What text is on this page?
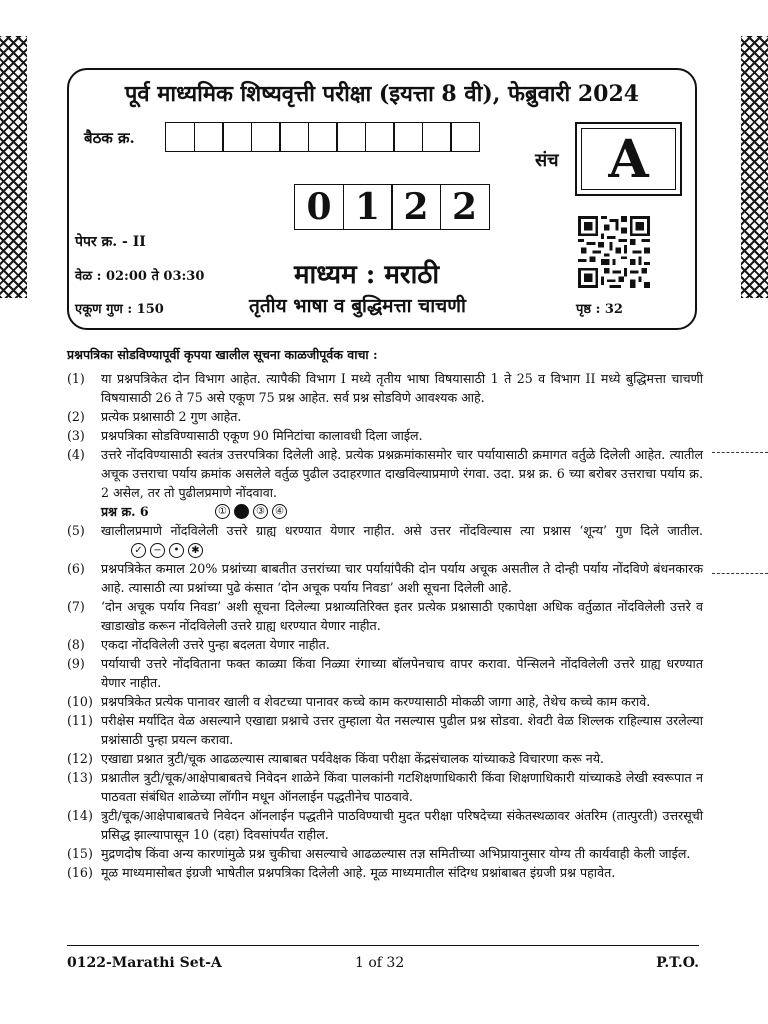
पूर्व माध्यमिक शिष्यवृत्ती परीक्षा (इयत्ता 8 वी), फेब्रुवारी 2024
बैठक क्र.
संच A
0 1 2 2
पेपर क्र. - II
वेळ : 02:00 ते 03:30	माध्यम : मराठी
एकूण गुण : 150	तृतीय भाषा व बुद्धिमत्ता चाचणी	पृष्ठ : 32
प्रश्नपत्रिका सोडविण्यापूर्वी कृपया खालील सूचना काळजीपूर्वक वाचा :
(1)	या प्रश्नपत्रिकेत दोन विभाग आहेत. त्यापैकी विभाग I मध्ये तृतीय भाषा विषयासाठी 1 ते 25 व विभाग II मध्ये बुद्धिमत्ता चाचणी विषयासाठी 26 ते 75 असे एकूण 75 प्रश्न आहेत. सर्व प्रश्न सोडविणे आवश्यक आहे.
(2)	प्रत्येक प्रश्नासाठी 2 गुण आहेत.
(3)	प्रश्नपत्रिका सोडविण्यासाठी एकूण 90 मिनिटांचा कालावधी दिला जाईल.
(4)	उत्तरे नोंदविण्यासाठी स्वतंत्र उत्तरपत्रिका दिलेली आहे. प्रत्येक प्रश्नक्रमांकासमोर चार पर्यायासाठी क्रमागत वर्तुळे दिलेली आहेत. त्यातील अचूक उत्तराचा पर्याय क्रमांक असलेले वर्तुळ पुढील उदाहरणात दाखविल्याप्रमाणे रंगवा. उदा. प्रश्न क्र. 6 च्या बरोबर उत्तराचा पर्याय क्र. 2 असेल, तर तो पुढीलप्रमाणे नोंदवावा.
प्रश्न क्र. 6	①	③	④
(5)	खालीलप्रमाणे नोंदविलेली उत्तरे ग्राह्य धरण्यात येणार नाहीत. असे उत्तर नोंदविल्यास त्या प्रश्नास ‘शून्य’ गुण दिले जातील.
✓	−	•	✱
(6)	प्रश्नपत्रिकेत कमाल 20% प्रश्नांच्या बाबतीत उत्तरांच्या चार पर्यायांपैकी दोन पर्याय अचूक असतील ते दोन्ही पर्याय नोंदविणे बंधनकारक आहे. त्यासाठी त्या प्रश्नांच्या पुढे कंसात ‘दोन अचूक पर्याय निवडा’ अशी सूचना दिलेली आहे.
(7)	‘दोन अचूक पर्याय निवडा’ अशी सूचना दिलेल्या प्रश्नाव्यतिरिक्त इतर प्रत्येक प्रश्नासाठी एकापेक्षा अधिक वर्तुळात नोंदविलेली उत्तरे व खाडाखोड करून नोंदविलेली उत्तरे ग्राह्य धरण्यात येणार नाहीत.
(8)	एकदा नोंदविलेली उत्तरे पुन्हा बदलता येणार नाहीत.
(9)	पर्यायाची उत्तरे नोंदविताना फक्त काळ्या किंवा निळ्या रंगाच्या बॉलपेनचाच वापर करावा. पेन्सिलने नोंदविलेली उत्तरे ग्राह्य धरण्यात येणार नाहीत.
(10) प्रश्नपत्रिकेत प्रत्येक पानावर खाली व शेवटच्या पानावर कच्चे काम करण्यासाठी मोकळी जागा आहे, तेथेच कच्चे काम करावे.
(11) परीक्षेस मर्यादित वेळ असल्याने एखाद्या प्रश्नाचे उत्तर तुम्हाला येत नसल्यास पुढील प्रश्न सोडवा. शेवटी वेळ शिल्लक राहिल्यास उरलेल्या प्रश्नांसाठी पुन्हा प्रयत्न करावा.
(12) एखाद्या प्रश्नात त्रुटी/चूक आढळल्यास त्याबाबत पर्यवेक्षक किंवा परीक्षा केंद्रसंचालक यांच्याकडे विचारणा करू नये.
(13) प्रश्नातील त्रुटी/चूक/आक्षेपाबाबतचे निवेदन शाळेने किंवा पालकांनी गटशिक्षणाधिकारी किंवा शिक्षणाधिकारी यांच्याकडे लेखी स्वरूपात न पाठवता संबंधित शाळेच्या लॉगीन मधून ऑनलाईन पद्धतीनेच पाठवावे.
(14) त्रुटी/चूक/आक्षेपाबाबतचे निवेदन ऑनलाईन पद्धतीने पाठविण्याची मुदत परीक्षा परिषदेच्या संकेतस्थळावर अंतरिम (तात्पुरती) उत्तरसूची प्रसिद्ध झाल्यापासून 10 (दहा) दिवसांपर्यंत राहील.
(15) मुद्रणदोष किंवा अन्य कारणांमुळे प्रश्न चुकीचा असल्याचे आढळल्यास तज्ञ समितीच्या अभिप्रायानुसार योग्य ती कार्यवाही केली जाईल.
(16) मूळ माध्यमासोबत इंग्रजी भाषेतील प्रश्नपत्रिका दिलेली आहे. मूळ माध्यमातील संदिग्ध प्रश्नांबाबत इंग्रजी प्रश्न पहावेत.
0122-Marathi Set-A	1 of 32	P.T.O.
